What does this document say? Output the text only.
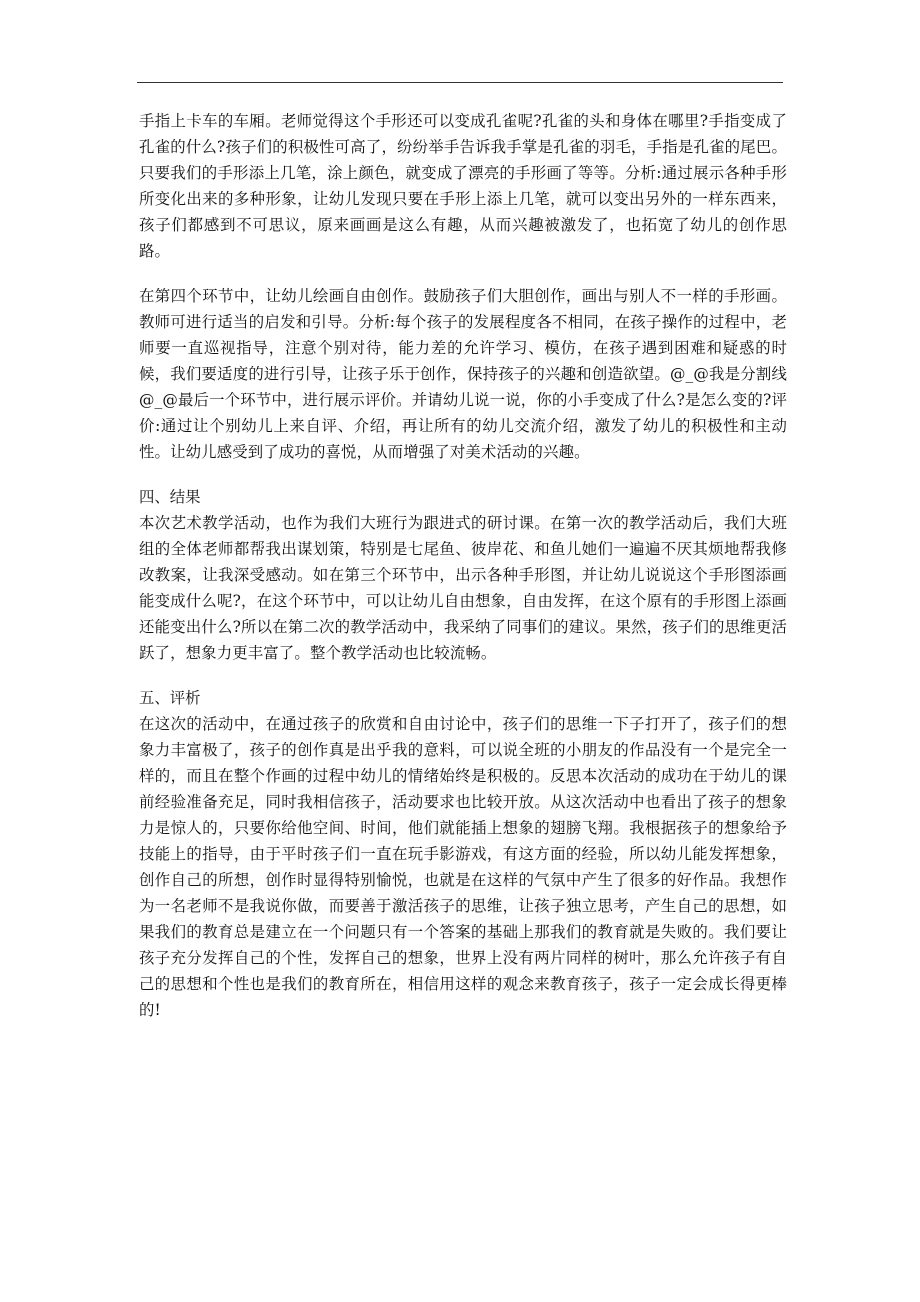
手指上卡车的车厢。老师觉得这个手形还可以变成孔雀呢?孔雀的头和身体在哪里?手指变成了孔雀的什么?孩子们的积极性可高了，纷纷举手告诉我手掌是孔雀的羽毛，手指是孔雀的尾巴。只要我们的手形添上几笔，涂上颜色，就变成了漂亮的手形画了等等。分析:通过展示各种手形所变化出来的多种形象，让幼儿发现只要在手形上添上几笔，就可以变出另外的一样东西来，孩子们都感到不可思议，原来画画是这么有趣，从而兴趣被激发了，也拓宽了幼儿的创作思路。

在第四个环节中，让幼儿绘画自由创作。鼓励孩子们大胆创作，画出与别人不一样的手形画。教师可进行适当的启发和引导。分析:每个孩子的发展程度各不相同，在孩子操作的过程中，老师要一直巡视指导，注意个别对待，能力差的允许学习、模仿，在孩子遇到困难和疑惑的时候，我们要适度的进行引导，让孩子乐于创作，保持孩子的兴趣和创造欲望。@_@我是分割线@_@最后一个环节中，进行展示评价。并请幼儿说一说，你的小手变成了什么?是怎么变的?评价:通过让个别幼儿上来自评、介绍，再让所有的幼儿交流介绍，激发了幼儿的积极性和主动性。让幼儿感受到了成功的喜悦，从而增强了对美术活动的兴趣。

四、结果

本次艺术教学活动，也作为我们大班行为跟进式的研讨课。在第一次的教学活动后，我们大班组的全体老师都帮我出谋划策，特别是七尾鱼、彼岸花、和鱼儿她们一遍遍不厌其烦地帮我修改教案，让我深受感动。如在第三个环节中，出示各种手形图，并让幼儿说说这个手形图添画能变成什么呢?，在这个环节中，可以让幼儿自由想象，自由发挥，在这个原有的手形图上添画还能变出什么?所以在第二次的教学活动中，我采纳了同事们的建议。果然，孩子们的思维更活跃了，想象力更丰富了。整个教学活动也比较流畅。

五、评析

在这次的活动中，在通过孩子的欣赏和自由讨论中，孩子们的思维一下子打开了，孩子们的想象力丰富极了，孩子的创作真是出乎我的意料，可以说全班的小朋友的作品没有一个是完全一样的，而且在整个作画的过程中幼儿的情绪始终是积极的。反思本次活动的成功在于幼儿的课前经验准备充足，同时我相信孩子，活动要求也比较开放。从这次活动中也看出了孩子的想象力是惊人的，只要你给他空间、时间，他们就能插上想象的翅膀飞翔。我根据孩子的想象给予技能上的指导，由于平时孩子们一直在玩手影游戏，有这方面的经验，所以幼儿能发挥想象，创作自己的所想，创作时显得特别愉悦，也就是在这样的气氛中产生了很多的好作品。我想作为一名老师不是我说你做，而要善于激活孩子的思维，让孩子独立思考，产生自己的思想，如果我们的教育总是建立在一个问题只有一个答案的基础上那我们的教育就是失败的。我们要让孩子充分发挥自己的个性，发挥自己的想象，世界上没有两片同样的树叶，那么允许孩子有自己的思想和个性也是我们的教育所在，相信用这样的观念来教育孩子，孩子一定会成长得更棒的!
